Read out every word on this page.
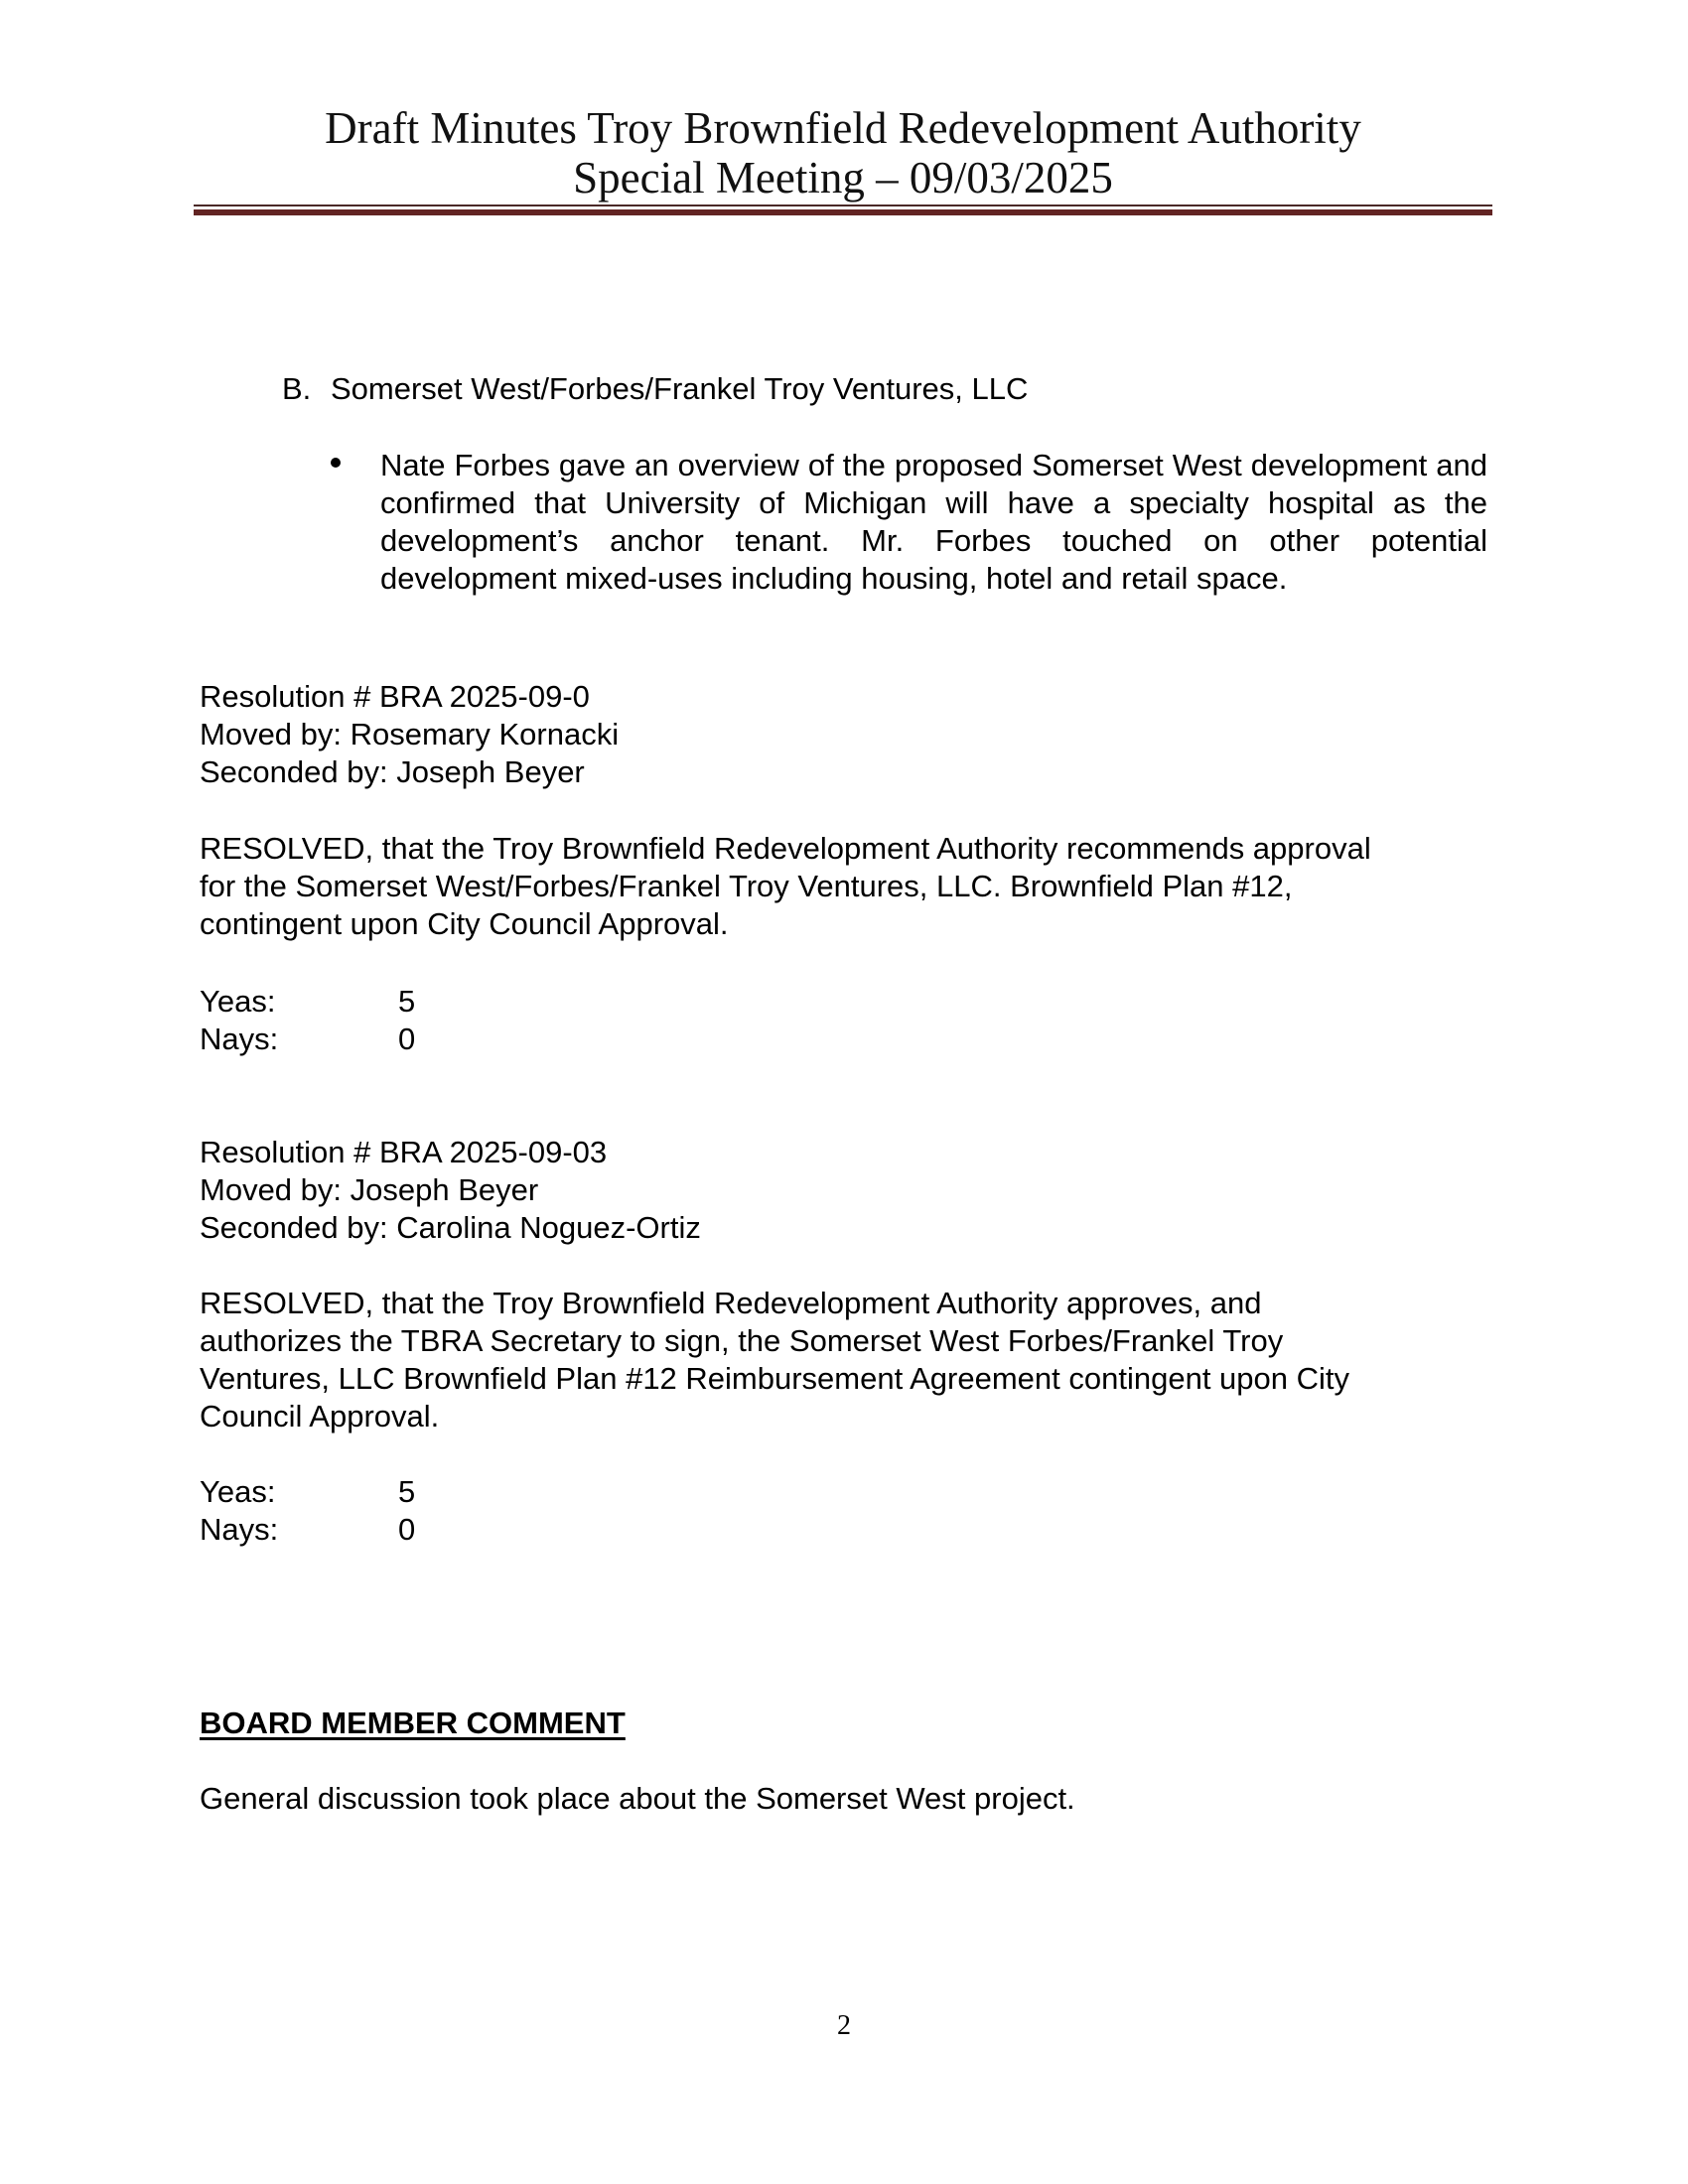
Draft Minutes Troy Brownfield Redevelopment Authority
Special Meeting – 09/03/2025
B. Somerset West/Forbes/Frankel Troy Ventures, LLC
Nate Forbes gave an overview of the proposed Somerset West development and confirmed that University of Michigan will have a specialty hospital as the development’s anchor tenant. Mr. Forbes touched on other potential development mixed-uses including housing, hotel and retail space.
Resolution # BRA 2025-09-0
Moved by: Rosemary Kornacki
Seconded by: Joseph Beyer
RESOLVED, that the Troy Brownfield Redevelopment Authority recommends approval
for the Somerset West/Forbes/Frankel Troy Ventures, LLC. Brownfield Plan #12,
contingent upon City Council Approval.
Yeas:	5
Nays:	0
Resolution # BRA 2025-09-03
Moved by: Joseph Beyer
Seconded by: Carolina Noguez-Ortiz
RESOLVED, that the Troy Brownfield Redevelopment Authority approves, and
authorizes the TBRA Secretary to sign, the Somerset West Forbes/Frankel Troy
Ventures, LLC Brownfield Plan #12 Reimbursement Agreement contingent upon City
Council Approval.
Yeas:	5
Nays:	0
BOARD MEMBER COMMENT
General discussion took place about the Somerset West project.
2
